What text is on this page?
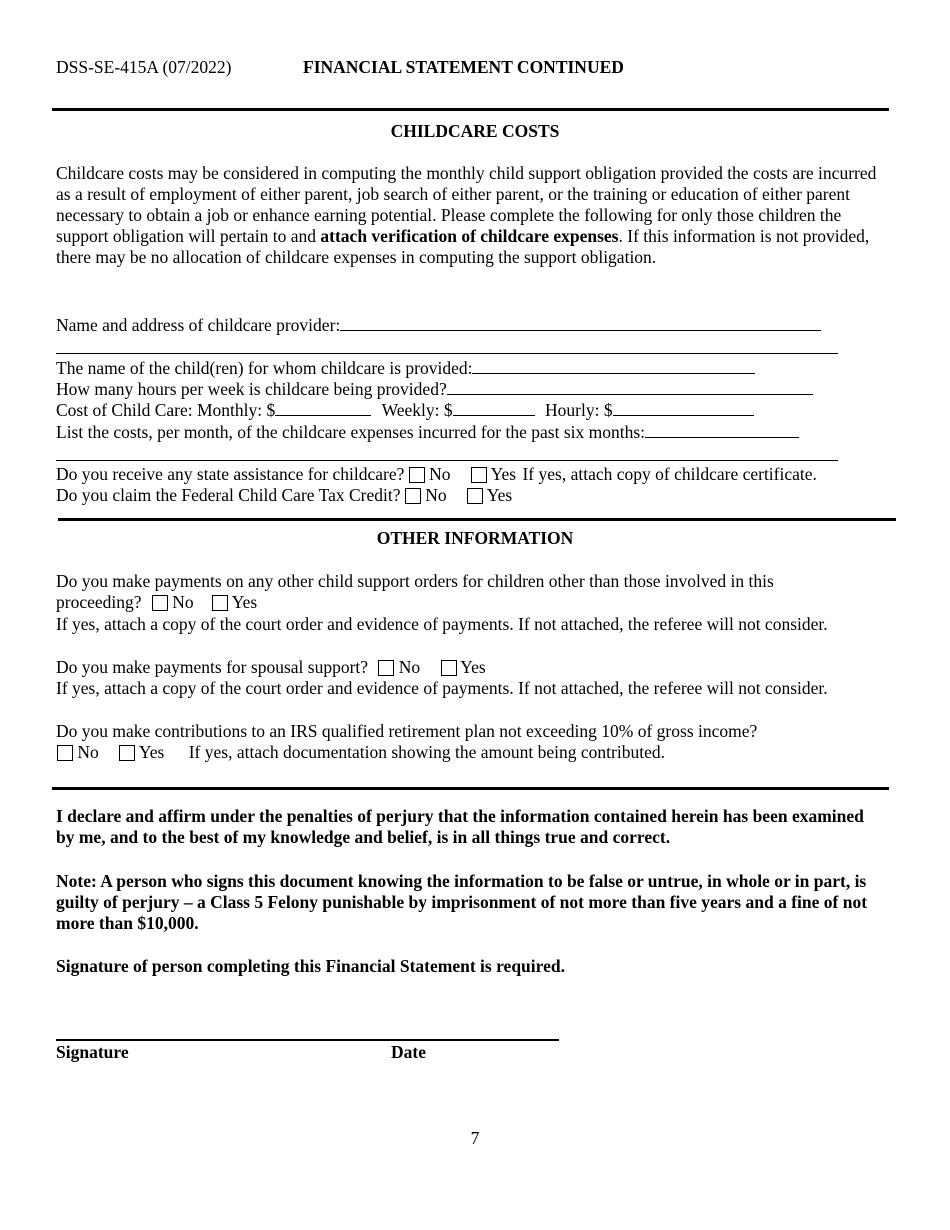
DSS-SE-415A (07/2022)	FINANCIAL STATEMENT CONTINUED
CHILDCARE COSTS
Childcare costs may be considered in computing the monthly child support obligation provided the costs are incurred as a result of employment of either parent, job search of either parent, or the training or education of either parent necessary to obtain a job or enhance earning potential. Please complete the following for only those children the support obligation will pertain to and attach verification of childcare expenses. If this information is not provided, there may be no allocation of childcare expenses in computing the support obligation.
Name and address of childcare provider:
The name of the child(ren) for whom childcare is provided:
How many hours per week is childcare being provided?
Cost of Child Care: Monthly: $	Weekly: $	Hourly: $
List the costs, per month, of the childcare expenses incurred for the past six months:
Do you receive any state assistance for childcare? No Yes If yes, attach copy of childcare certificate.
Do you claim the Federal Child Care Tax Credit? No Yes
OTHER INFORMATION
Do you make payments on any other child support orders for children other than those involved in this
proceeding? No Yes
If yes, attach a copy of the court order and evidence of payments. If not attached, the referee will not consider.
Do you make payments for spousal support? No Yes
If yes, attach a copy of the court order and evidence of payments. If not attached, the referee will not consider.
Do you make contributions to an IRS qualified retirement plan not exceeding 10% of gross income?
No Yes If yes, attach documentation showing the amount being contributed.
I declare and affirm under the penalties of perjury that the information contained herein has been examined by me, and to the best of my knowledge and belief, is in all things true and correct.
Note: A person who signs this document knowing the information to be false or untrue, in whole or in part, is guilty of perjury – a Class 5 Felony punishable by imprisonment of not more than five years and a fine of not more than $10,000.
Signature of person completing this Financial Statement is required.
Signature	Date
7
